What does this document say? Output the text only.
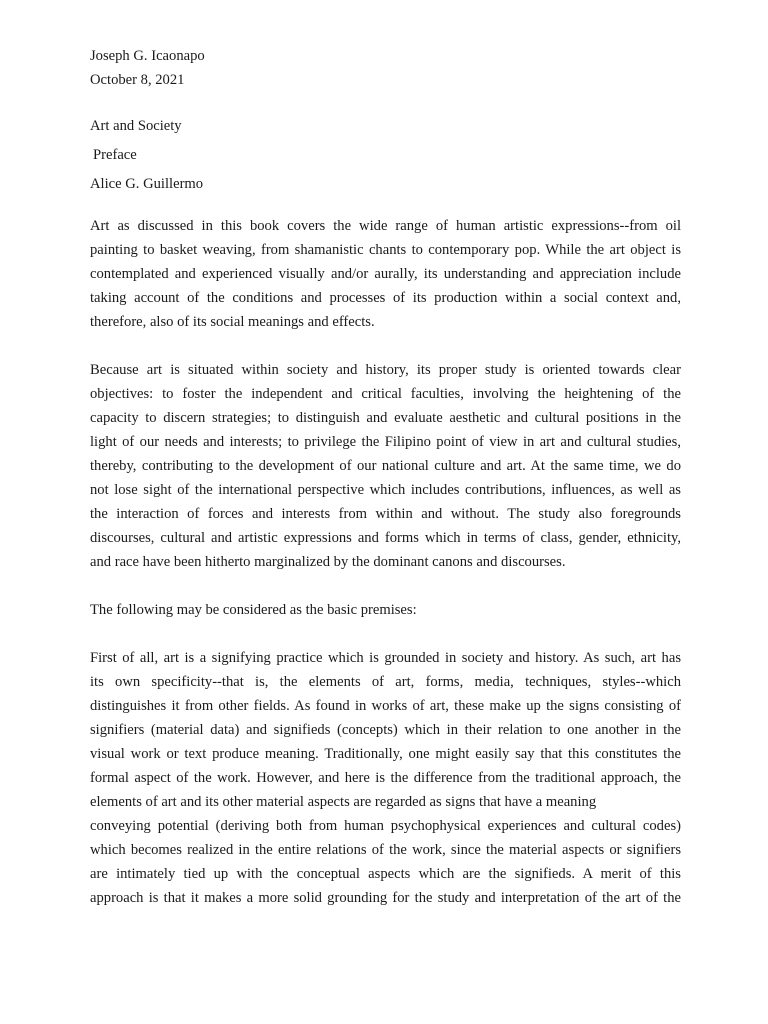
Joseph G. Icaonapo
October 8, 2021
Art and Society
Preface
Alice G. Guillermo
Art as discussed in this book covers the wide range of human artistic expressions--from oil
painting to basket weaving, from shamanistic chants to contemporary pop. While the art object is
contemplated and experienced visually and/or aurally, its understanding and appreciation include
taking account of the conditions and processes of its production within a social context and,
therefore, also of its social meanings and effects.
Because art is situated within society and history, its proper study is oriented towards clear
objectives: to foster the independent and critical faculties, involving the heightening of the
capacity to discern strategies; to distinguish and evaluate aesthetic and cultural positions in the
light of our needs and interests; to privilege the Filipino point of view in art and cultural studies,
thereby, contributing to the development of our national culture and art. At the same time, we do
not lose sight of the international perspective which includes contributions, influences, as well as
the interaction of forces and interests from within and without. The study also foregrounds
discourses, cultural and artistic expressions and forms which in terms of class, gender, ethnicity,
and race have been hitherto marginalized by the dominant canons and discourses.
The following may be considered as the basic premises:
First of all, art is a signifying practice which is grounded in society and history. As such, art has
its own specificity--that is, the elements of art, forms, media, techniques, styles--which
distinguishes it from other fields. As found in works of art, these make up the signs consisting of
signifiers (material data) and signifieds (concepts) which in their relation to one another in the
visual work or text produce meaning. Traditionally, one might easily say that this constitutes the
formal aspect of the work. However, and here is the difference from the traditional approach, the
elements of art and its other material aspects are regarded as signs that have a meaning
conveying potential (deriving both from human psychophysical experiences and cultural codes)
which becomes realized in the entire relations of the work, since the material aspects or signifiers
are intimately tied up with the conceptual aspects which are the signifieds. A merit of this
approach is that it makes a more solid grounding for the study and interpretation of the art of the
